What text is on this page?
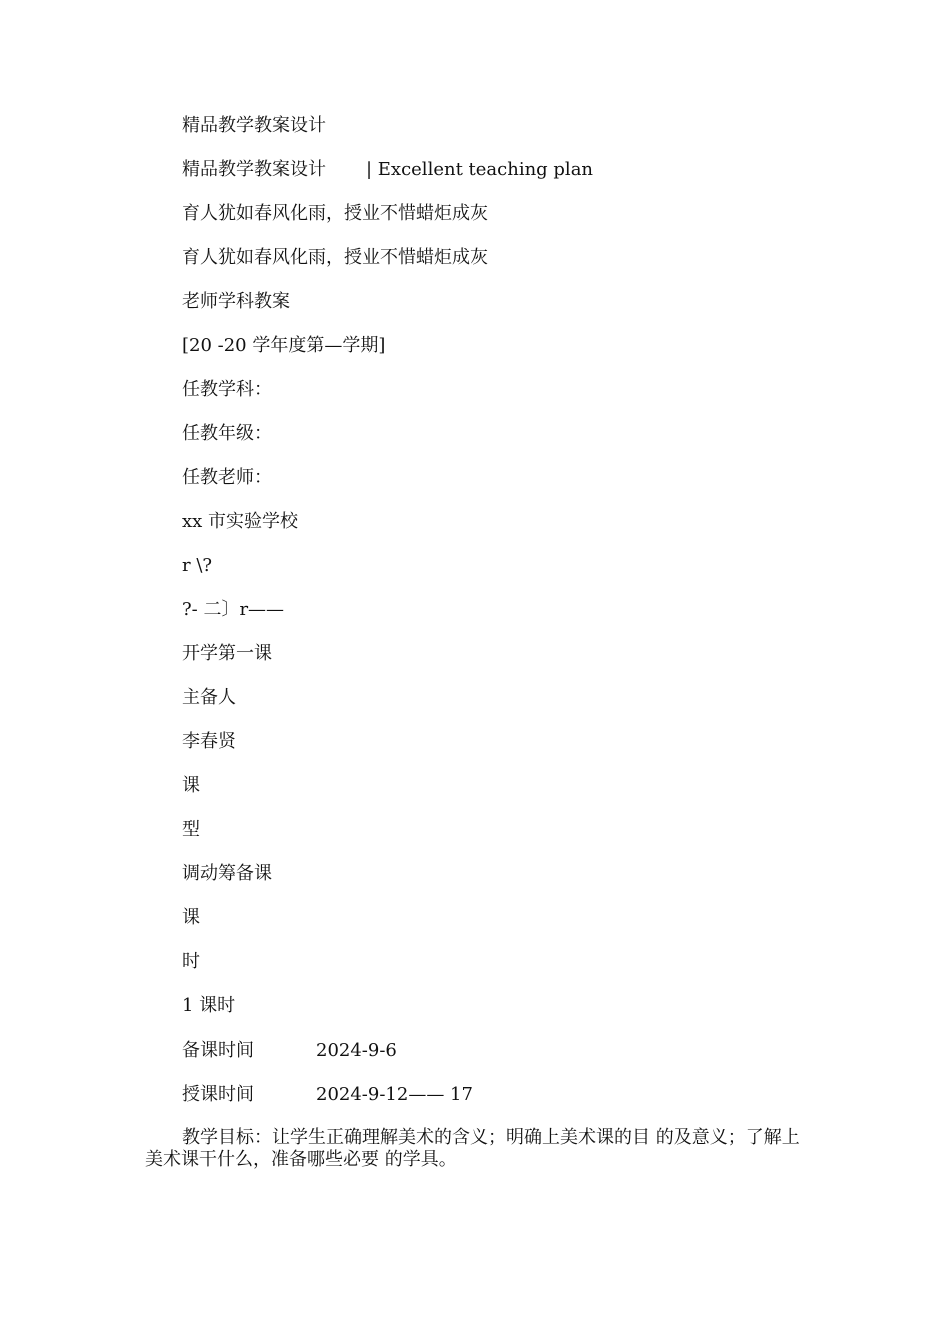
精品教学教案设计
精品教学教案设计 | Excellent teaching plan
育人犹如春风化雨，授业不惜蜡炬成灰
育人犹如春风化雨，授业不惜蜡炬成灰
老师学科教案
[20 -20 学年度第—学期]
任教学科：
任教年级：
任教老师：
xx 市实验学校
r \?
?- 二〕r——
开学第一课
主备人
李春贤
课
型
调动筹备课
课
时
1 课时
备课时间	2024-9-6
授课时间	2024-9-12—— 17
教学目标：让学生正确理解美术的含义；明确上美术课的目 的及意义；了解上美术课干什么，准备哪些必要 的学具。
